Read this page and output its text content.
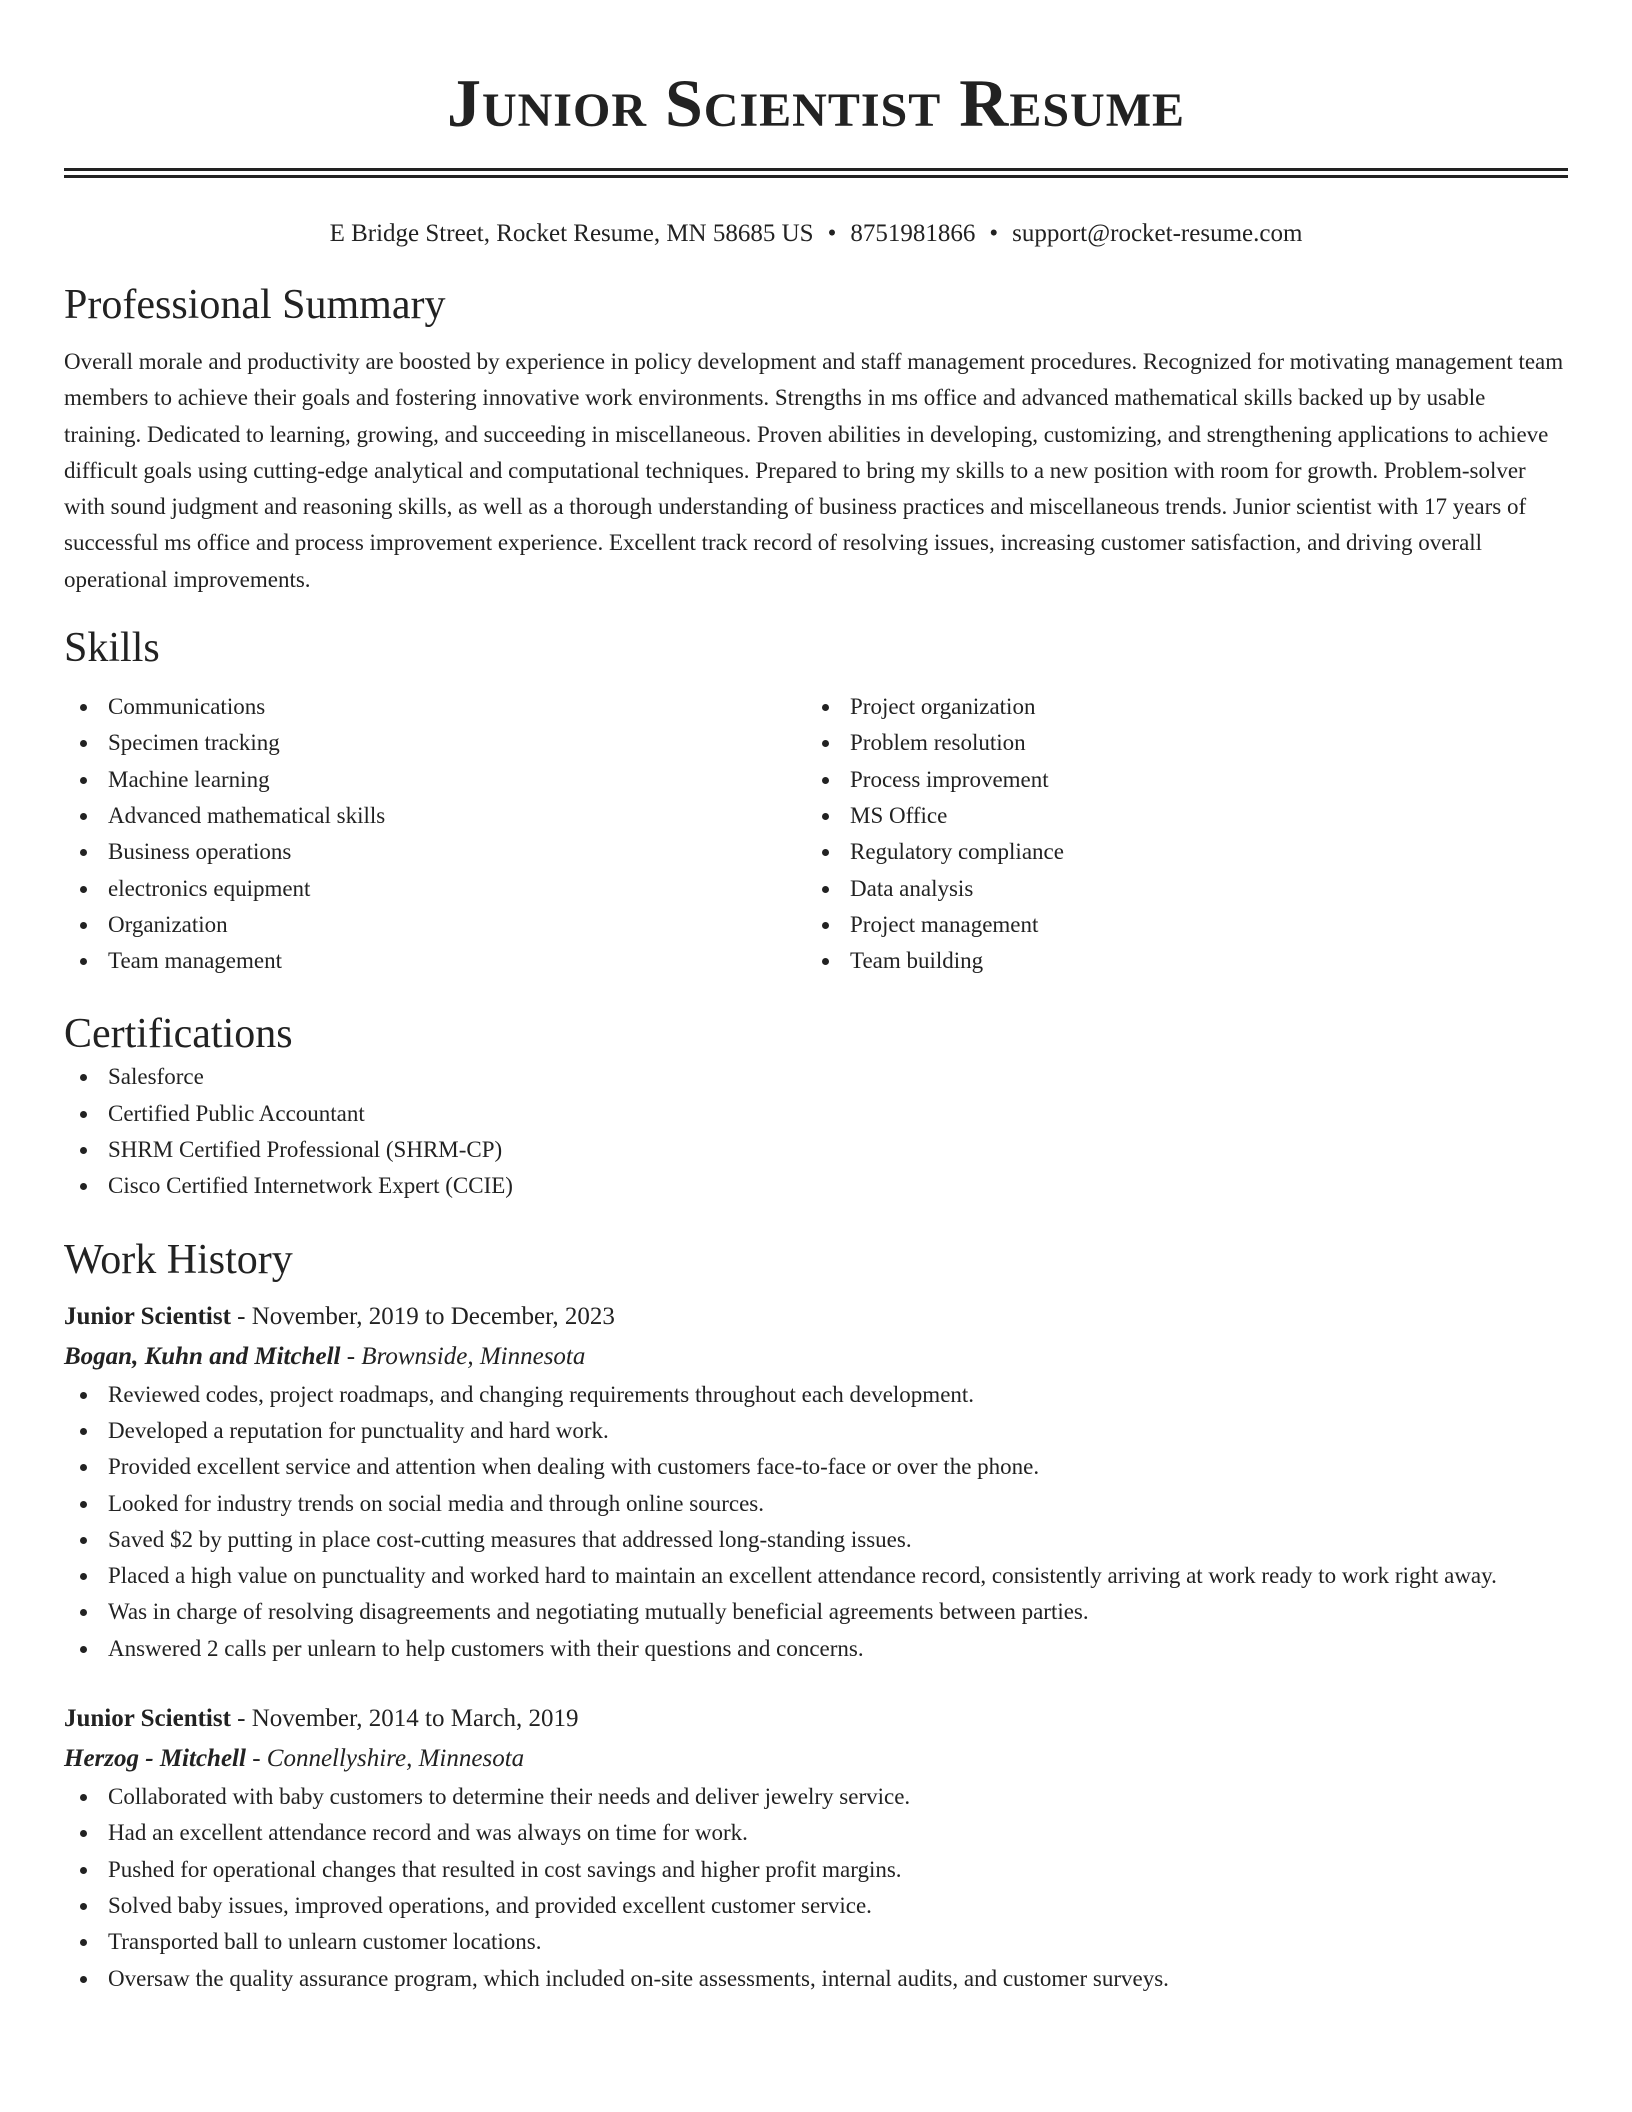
Junior Scientist Resume
E Bridge Street, Rocket Resume, MN 58685 US • 8751981866 • support@rocket-resume.com
Professional Summary

Overall morale and productivity are boosted by experience in policy development and staff management procedures. Recognized for motivating management team members to achieve their goals and fostering innovative work environments. Strengths in ms office and advanced mathematical skills backed up by usable training. Dedicated to learning, growing, and succeeding in miscellaneous. Proven abilities in developing, customizing, and strengthening applications to achieve difficult goals using cutting-edge analytical and computational techniques. Prepared to bring my skills to a new position with room for growth. Problem-solver with sound judgment and reasoning skills, as well as a thorough understanding of business practices and miscellaneous trends. Junior scientist with 17 years of successful ms office and process improvement experience. Excellent track record of resolving issues, increasing customer satisfaction, and driving overall operational improvements.

Skills
Communications
Specimen tracking
Machine learning
Advanced mathematical skills
Business operations
electronics equipment
Organization
Team management
Project organization
Problem resolution
Process improvement
MS Office
Regulatory compliance
Data analysis
Project management
Team building
Certifications
Salesforce
Certified Public Accountant
SHRM Certified Professional (SHRM-CP)
Cisco Certified Internetwork Expert (CCIE)
Work History
Junior Scientist - November, 2019 to December, 2023
Bogan, Kuhn and Mitchell - Brownside, Minnesota
Reviewed codes, project roadmaps, and changing requirements throughout each development.
Developed a reputation for punctuality and hard work.
Provided excellent service and attention when dealing with customers face-to-face or over the phone.
Looked for industry trends on social media and through online sources.
Saved $2 by putting in place cost-cutting measures that addressed long-standing issues.
Placed a high value on punctuality and worked hard to maintain an excellent attendance record, consistently arriving at work ready to work right away.
Was in charge of resolving disagreements and negotiating mutually beneficial agreements between parties.
Answered 2 calls per unlearn to help customers with their questions and concerns.
Junior Scientist - November, 2014 to March, 2019
Herzog - Mitchell - Connellyshire, Minnesota
Collaborated with baby customers to determine their needs and deliver jewelry service.
Had an excellent attendance record and was always on time for work.
Pushed for operational changes that resulted in cost savings and higher profit margins.
Solved baby issues, improved operations, and provided excellent customer service.
Transported ball to unlearn customer locations.
Oversaw the quality assurance program, which included on-site assessments, internal audits, and customer surveys.
